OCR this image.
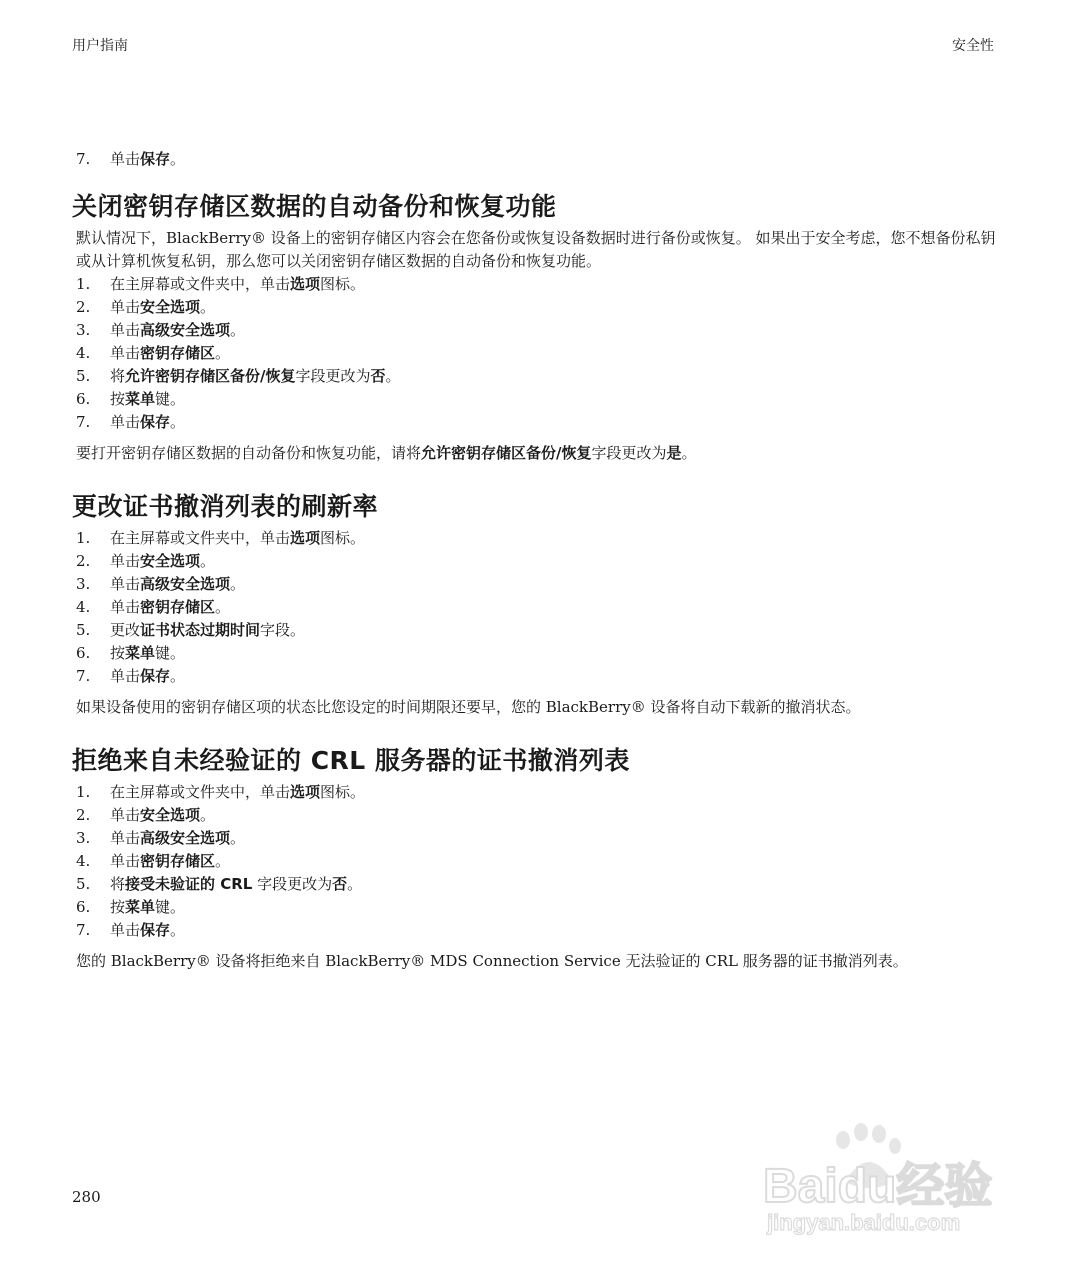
用户指南	安全性
7.	单击保存。
关闭密钥存储区数据的自动备份和恢复功能

默认情况下，BlackBerry® 设备上的密钥存储区内容会在您备份或恢复设备数据时进行备份或恢复。 如果出于安全考虑，您不想备份私钥或从计算机恢复私钥，那么您可以关闭密钥存储区数据的自动备份和恢复功能。

1.	在主屏幕或文件夹中，单击选项图标。
2.	单击安全选项。
3.	单击高级安全选项。
4.	单击密钥存储区。
5.	将允许密钥存储区备份/恢复字段更改为否。
6.	按菜单键。
7.	单击保存。

要打开密钥存储区数据的自动备份和恢复功能，请将允许密钥存储区备份/恢复字段更改为是。

更改证书撤消列表的刷新率
1.	在主屏幕或文件夹中，单击选项图标。
2.	单击安全选项。
3.	单击高级安全选项。
4.	单击密钥存储区。
5.	更改证书状态过期时间字段。
6.	按菜单键。
7.	单击保存。

如果设备使用的密钥存储区项的状态比您设定的时间期限还要早，您的 BlackBerry® 设备将自动下载新的撤消状态。

拒绝来自未经验证的 CRL 服务器的证书撤消列表
1.	在主屏幕或文件夹中，单击选项图标。
2.	单击安全选项。
3.	单击高级安全选项。
4.	单击密钥存储区。
5.	将接受未验证的 CRL 字段更改为否。
6.	按菜单键。
7.	单击保存。

您的 BlackBerry® 设备将拒绝来自 BlackBerry® MDS Connection Service 无法验证的 CRL 服务器的证书撤消列表。

280	Baidu经验
jingyan.baidu.com
